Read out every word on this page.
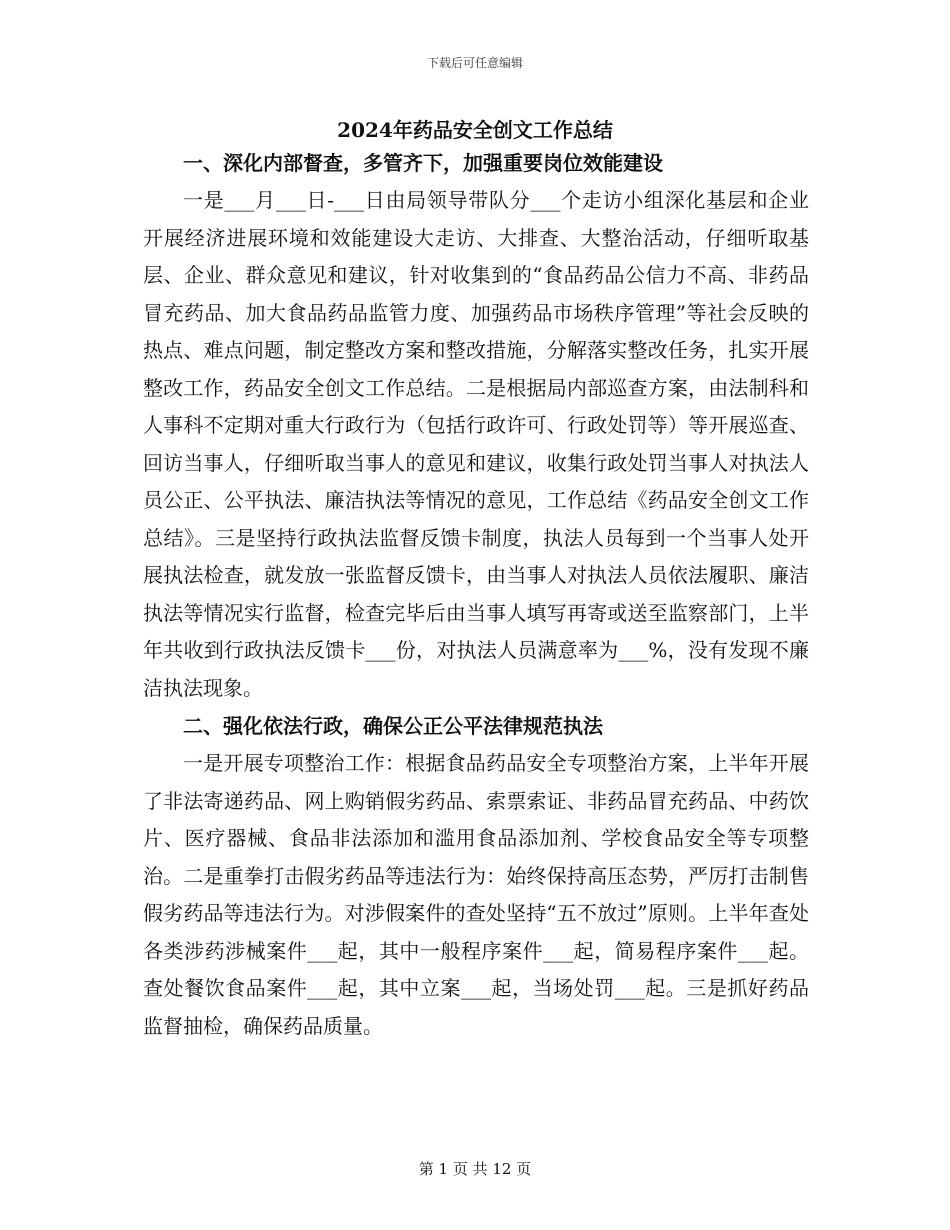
下载后可任意编辑
2024年药品安全创文工作总结
一、深化内部督查，多管齐下，加强重要岗位效能建设

一是___月___日-___日由局领导带队分___个走访小组深化基层和企业开展经济进展环境和效能建设大走访、大排查、大整治活动，仔细听取基层、企业、群众意见和建议，针对收集到的“食品药品公信力不高、非药品冒充药品、加大食品药品监管力度、加强药品市场秩序管理”等社会反映的热点、难点问题，制定整改方案和整改措施，分解落实整改任务，扎实开展整改工作，药品安全创文工作总结。二是根据局内部巡查方案，由法制科和人事科不定期对重大行政行为（包括行政许可、行政处罚等）等开展巡查、回访当事人，仔细听取当事人的意见和建议，收集行政处罚当事人对执法人员公正、公平执法、廉洁执法等情况的意见，工作总结《药品安全创文工作总结》。三是坚持行政执法监督反馈卡制度，执法人员每到一个当事人处开展执法检查，就发放一张监督反馈卡，由当事人对执法人员依法履职、廉洁执法等情况实行监督，检查完毕后由当事人填写再寄或送至监察部门，上半年共收到行政执法反馈卡___份，对执法人员满意率为___%，没有发现不廉洁执法现象。

二、强化依法行政，确保公正公平法律规范执法

一是开展专项整治工作：根据食品药品安全专项整治方案，上半年开展了非法寄递药品、网上购销假劣药品、索票索证、非药品冒充药品、中药饮片、医疗器械、食品非法添加和滥用食品添加剂、学校食品安全等专项整治。二是重拳打击假劣药品等违法行为：始终保持高压态势，严厉打击制售假劣药品等违法行为。对涉假案件的查处坚持“五不放过”原则。上半年查处各类涉药涉械案件___起，其中一般程序案件___起，简易程序案件___起。查处餐饮食品案件___起，其中立案___起，当场处罚___起。三是抓好药品监督抽检，确保药品质量。

第 1 页 共 12 页
